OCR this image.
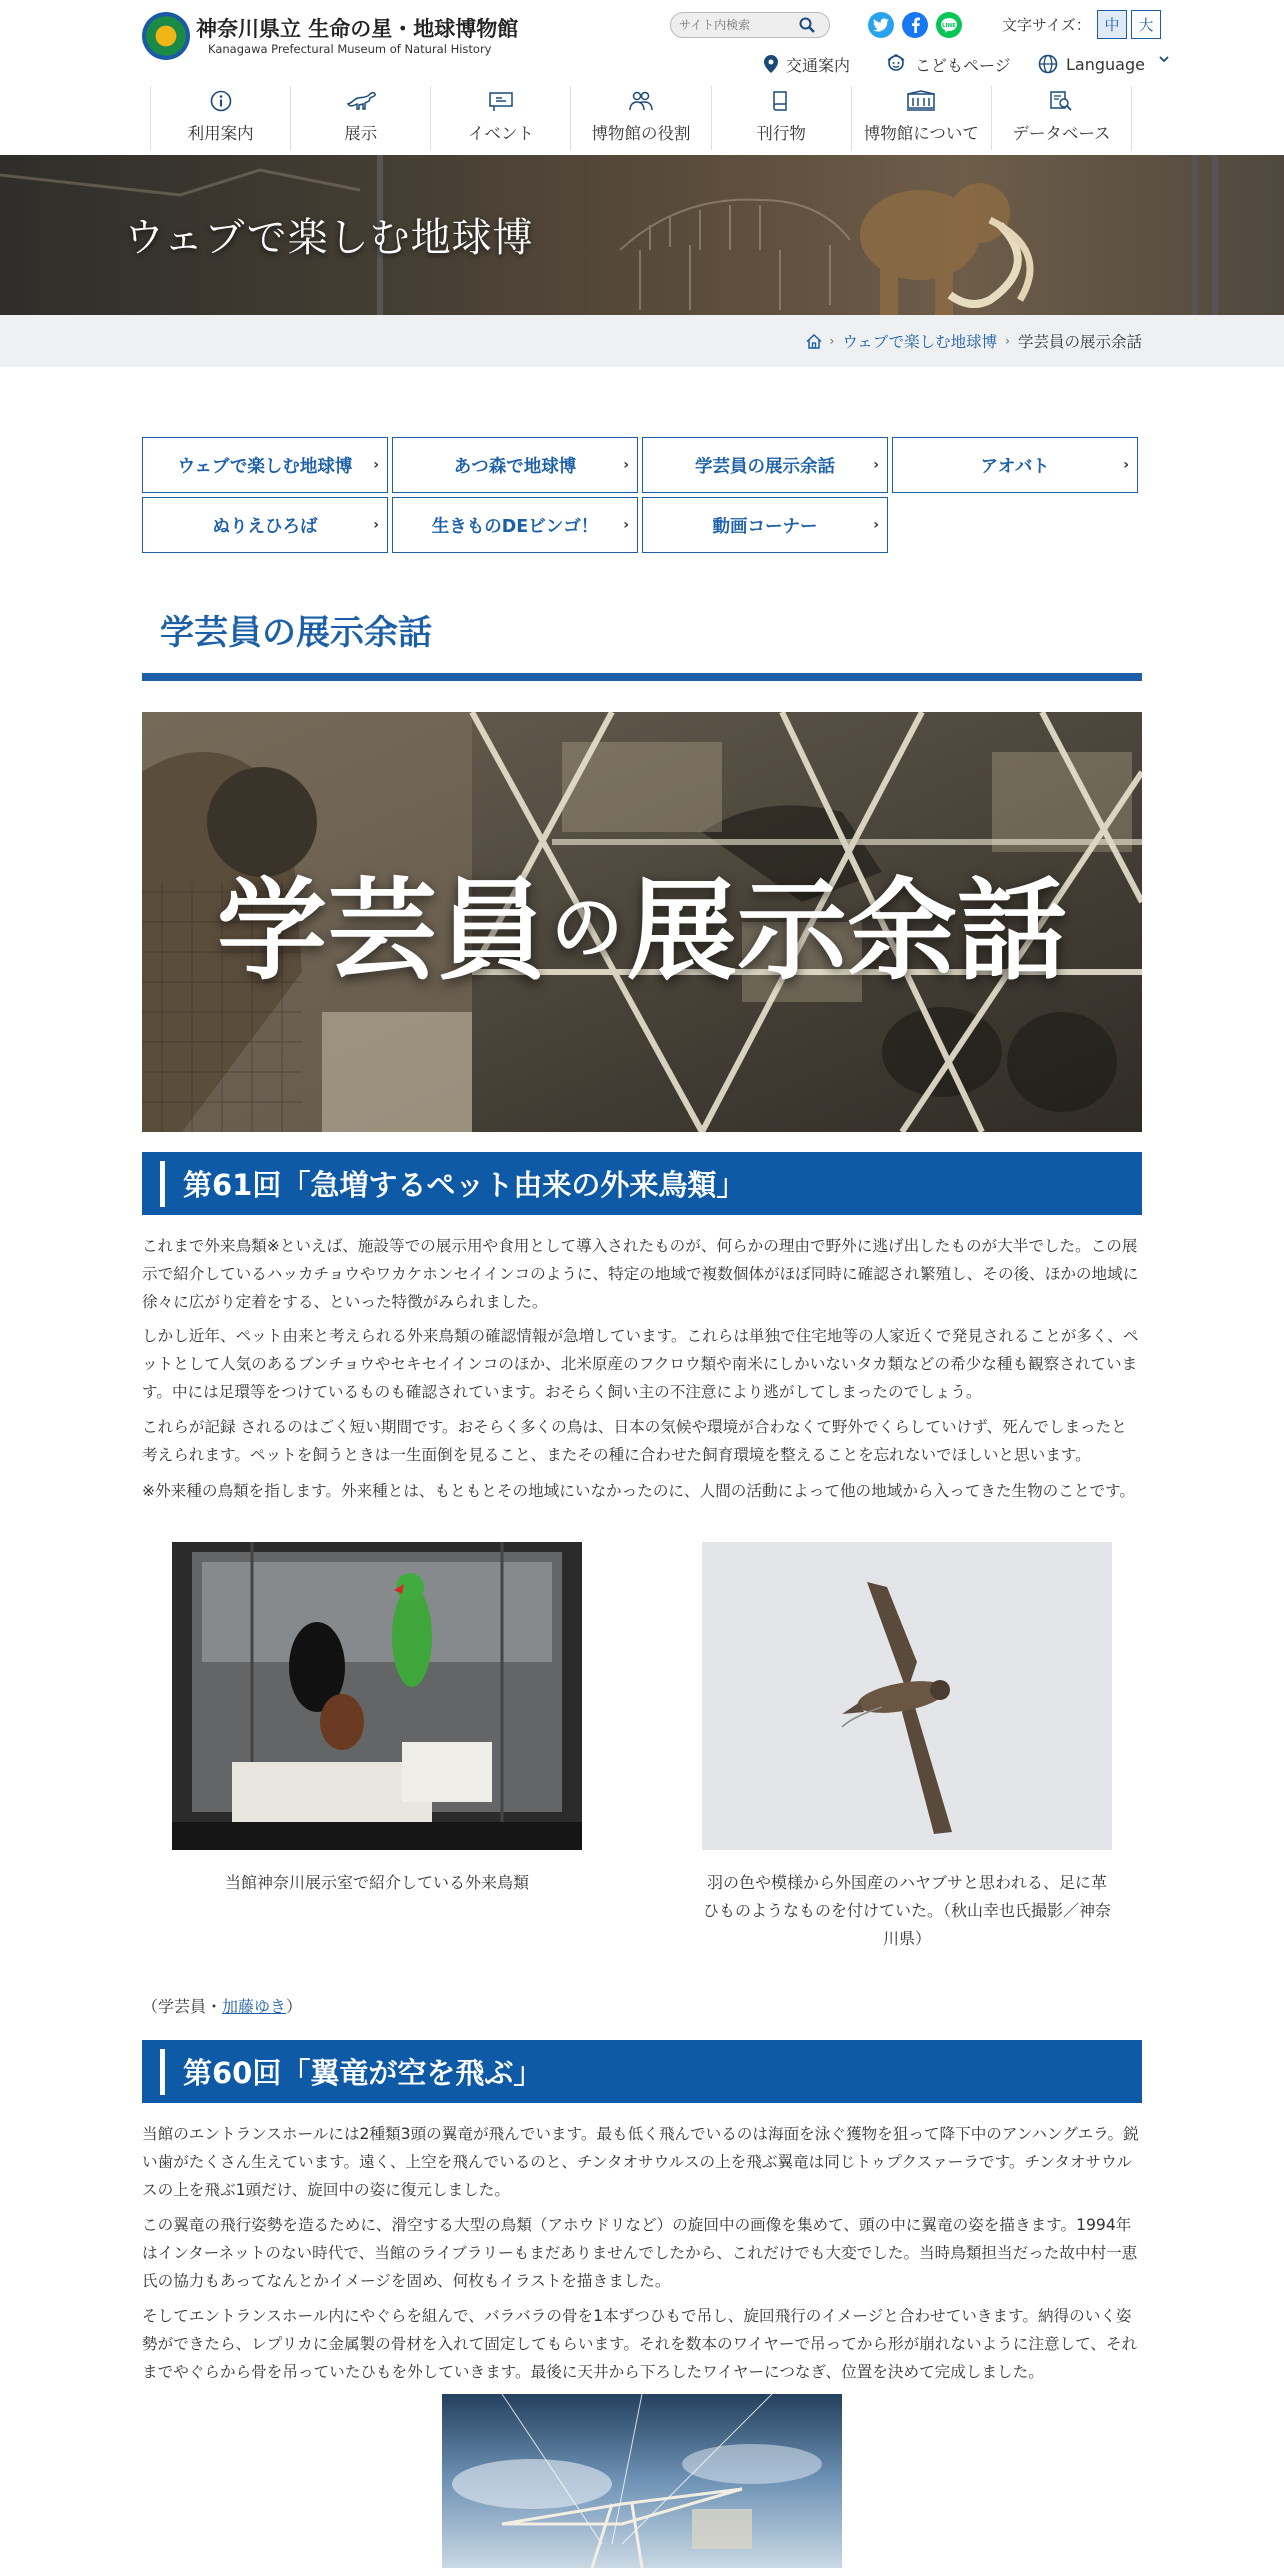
神奈川県立 生命の星・地球博物館
Kanagawa Prefectural Museum of Natural History
サイト内検索
LINE	文字サイズ： 中	大
交通案内	こどもページ	Language
利用案内	展示	イベント	博物館の役割	刊行物	博物館について データベース
ウェブで楽しむ地球博
› ウェブで楽しむ地球博 › 学芸員の展示余話
ウェブで楽しむ地球博 ›	あつ森で地球博	›	学芸員の展示余話	›	アオバト	›
ぬりえひろば	›	生きものDEビンゴ！ ›	動画コーナー	›
学芸員の展示余話
学芸員 の 展示余話
第61回「急増するペット由来の外来鳥類」

これまで外来鳥類※といえば、施設等での展示用や食用として導入されたものが、何らかの理由で野外に逃げ出したものが大半でした。この展示で紹介しているハッカチョウやワカケホンセイインコのように、特定の地域で複数個体がほぼ同時に確認され繁殖し、その後、ほかの地域に徐々に広がり定着をする、といった特徴がみられました。

しかし近年、ペット由来と考えられる外来鳥類の確認情報が急増しています。これらは単独で住宅地等の人家近くで発見されることが多く、ペットとして人気のあるブンチョウやセキセイインコのほか、北米原産のフクロウ類や南米にしかいないタカ類などの希少な種も観察されています。中には足環等をつけているものも確認されています。おそらく飼い主の不注意により逃がしてしまったのでしょう。

これらが記録 されるのはごく短い期間です。おそらく多くの鳥は、日本の気候や環境が合わなくて野外でくらしていけず、死んでしまったと考えられます。ペットを飼うときは一生面倒を見ること、またその種に合わせた飼育環境を整えることを忘れないでほしいと思います。

※外来種の鳥類を指します。外来種とは、もともとその地域にいなかったのに、人間の活動によって他の地域から入ってきた生物のことです。

当館神奈川展示室で紹介している外来鳥類	羽の色や模様から外国産のハヤブサと思われる、足に革ひものようなものを付けていた。（秋山幸也氏撮影／神奈川県）
（学芸員・加藤ゆき）
第60回「翼竜が空を飛ぶ」

当館のエントランスホールには2種類3頭の翼竜が飛んでいます。最も低く飛んでいるのは海面を泳ぐ獲物を狙って降下中のアンハングエラ。鋭い歯がたくさん生えています。遠く、上空を飛んでいるのと、チンタオサウルスの上を飛ぶ翼竜は同じトゥプクスァーラです。チンタオサウルスの上を飛ぶ1頭だけ、旋回中の姿に復元しました。

この翼竜の飛行姿勢を造るために、滑空する大型の鳥類（アホウドリなど）の旋回中の画像を集めて、頭の中に翼竜の姿を描きます。1994年はインターネットのない時代で、当館のライブラリーもまだありませんでしたから、これだけでも大変でした。当時鳥類担当だった故中村一恵氏の協力もあってなんとかイメージを固め、何枚もイラストを描きました。

そしてエントランスホール内にやぐらを組んで、バラバラの骨を1本ずつひもで吊し、旋回飛行のイメージと合わせていきます。納得のいく姿勢ができたら、レプリカに金属製の骨材を入れて固定してもらいます。それを数本のワイヤーで吊ってから形が崩れないように注意して、それまでやぐらから骨を吊っていたひもを外していきます。最後に天井から下ろしたワイヤーにつなぎ、位置を決めて完成しました。
